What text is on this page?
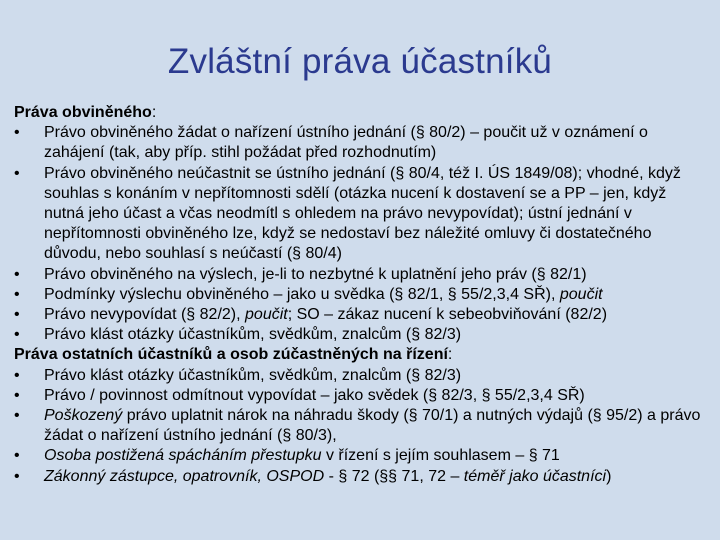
Zvláštní práva účastníků

Práva obviněného:

•	Právo obviněného žádat o nařízení ústního jednání (§ 80/2) – poučit už v oznámení o zahájení (tak, aby příp. stihl požádat před rozhodnutím)
•	Právo obviněného neúčastnit se ústního jednání (§ 80/4, též I. ÚS 1849/08); vhodné, když souhlas s konáním v nepřítomnosti sdělí (otázka nucení k dostavení se a PP – jen, když nutná jeho účast a včas neodmítl s ohledem na právo nevypovídat); ústní jednání v nepřítomnosti obviněného lze, když se nedostaví bez náležité omluvy či dostatečného důvodu, nebo souhlasí s neúčastí (§ 80/4)
•	Právo obviněného na výslech, je-li to nezbytné k uplatnění jeho práv (§ 82/1)
•	Podmínky výslechu obviněného – jako u svědka (§ 82/1, § 55/2,3,4 SŘ), poučit
•	Právo nevypovídat (§ 82/2), poučit; SO – zákaz nucení k sebeobviňování (82/2)
•	Právo klást otázky účastníkům, svědkům, znalcům (§ 82/3)

Práva ostatních účastníků a osob zúčastněných na řízení:

•	Právo klást otázky účastníkům, svědkům, znalcům (§ 82/3)
•	Právo / povinnost odmítnout vypovídat – jako svědek (§ 82/3, § 55/2,3,4 SŘ)
•	Poškozený právo uplatnit nárok na náhradu škody (§ 70/1) a nutných výdajů (§ 95/2) a právo žádat o nařízení ústního jednání (§ 80/3),
•	Osoba postižená spácháním přestupku v řízení s jejím souhlasem – § 71
•	Zákonný zástupce, opatrovník, OSPOD - § 72 (§§ 71, 72 – téměř jako účastníci)
